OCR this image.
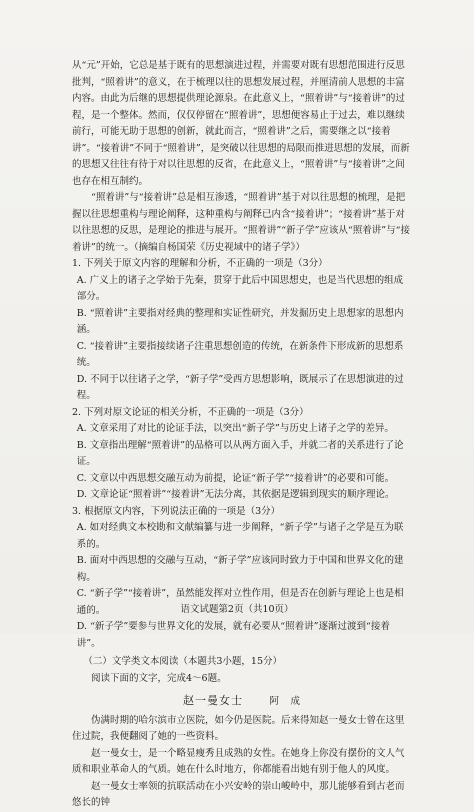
从“元”开始，它总是基于既有的思想演进过程，并需要对既有思想范围进行反思批判，“照着讲”的意义，在于梳理以往的思想发展过程，并厘清前人思想的丰富内容。由此为后继的思想提供理论源泉。在此意义上，“照着讲”与“接着讲”的过程，是一个整体。然而，仅仅停留在“照着讲”，思想便容易止于过去，难以继续前行，可能无助于思想的创新，就此而言，“照着讲”之后，需要继之以“接着讲”。“接着讲”不同于“照着讲”，是突破以往思想的局限而推进思想的发展，而新的思想又往往有待于对以往思想的反省，在此意义上，“照着讲”与“接着讲”之间也存在相互制约。

“照着讲”与“接着讲”总是相互渗透，“照着讲”基于对以往思想的梳理，是把握以往思想重构与理论阐释，这种重构与阐释已内含“接着讲”；“接着讲”基于对以往思想的反思，是理论的推进与展开。“照着讲”“新子学”应该从“照着讲”与“接着讲”的统一。（摘编自杨国荣《历史视域中的诸子学》）

1. 下列关于原文内容的理解和分析，不正确的一项是（3分）

A. 广义上的诸子之学始于先秦，贯穿于此后中国思想史，也是当代思想的组成部分。

B. “照着讲”主要指对经典的整理和实证性研究，并发掘历史上思想家的思想内涵。

C. “接着讲”主要指接续诸子注重思想创造的传统，在新条件下形成新的思想系统。

D. 不同于以往诸子之学，“新子学”受西方思想影响，既展示了在思想演进的过程。

2. 下列对原文论证的相关分析，不正确的一项是（3分）

A. 文章采用了对比的论证手法，以突出“新子学”与历史上诸子之学的差异。

B. 文章指出理解“照着讲”的品格可以从两方面入手，并就二者的关系进行了论证。

C. 文章以中西思想交融互动为前提，论证“新子学”“接着讲”的必要和可能。

D. 文章论证“照着讲”“接着讲”无法分离，其依据是逻辑到现实的顺序理论。

3. 根据原文内容，下列说法正确的一项是（3分）

A. 如对经典文本校勘和文献编纂与进一步阐释，“新子学”与诸子之学是互为联系的。

B. 面对中西思想的交融与互动，“新子学”应该同时致力于中国和世界文化的建构。

C. “新子学”“接着讲”，虽然能发挥对立性作用，但是否在创新与理论上也是相通的。

D. “新子学”要参与世界文化的发展，就有必要从“照着讲”逐渐过渡到“接着讲”。

（二）文学类文本阅读（本题共3小题，15分）

阅读下面的文字，完成4～6题。

赵一曼女士	阿　成

伪满时期的哈尔滨市立医院，如今仍是医院。后来得知赵一曼女士曾在这里住过院，我便翻阅了她的一些资料。

赵一曼女士，是一个略显瘦秀且成熟的女性。在她身上你没有摆份的文人气质和职业革命人的气质。她在什么时地方，你都能看出她有别于他人的风度。

赵一曼女士率领的抗联活动在小兴安岭的崇山峻岭中，那儿能够看到古老而悠长的钟

语文试题第2页（共10页）
